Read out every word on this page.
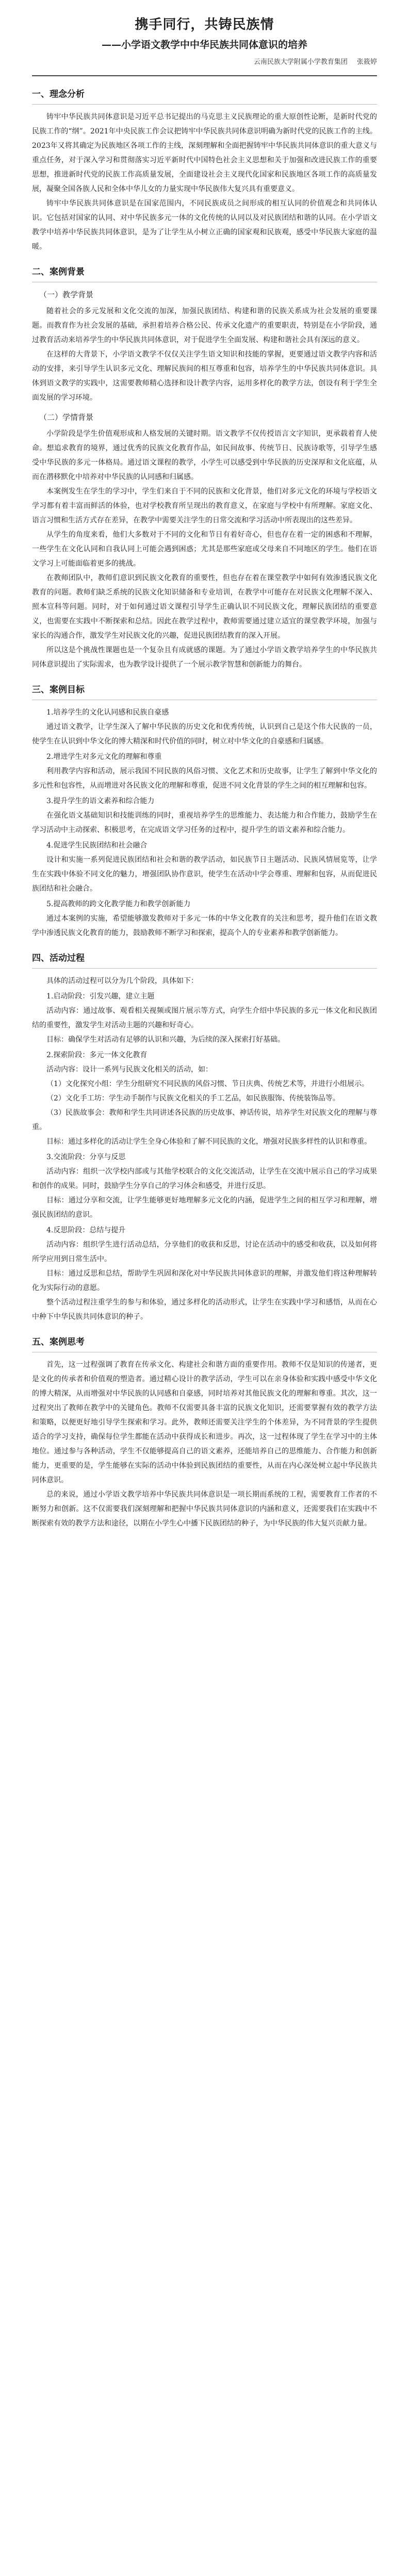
携手同行，共铸民族情
——小学语文教学中中华民族共同体意识的培养
云南民族大学附属小学教育集团 张筱婷
一、理念分析

铸牢中华民族共同体意识是习近平总书记提出的马克思主义民族理论的重大原创性论断，是新时代党的民族工作的“纲”。2021年中央民族工作会议把铸牢中华民族共同体意识明确为新时代党的民族工作的主线。2023年又将其确定为民族地区各项工作的主线，深刻理解和全面把握铸牢中华民族共同体意识的重大意义与重点任务，对于深入学习和贯彻落实习近平新时代中国特色社会主义思想和关于加强和改进民族工作的重要思想，推进新时代党的民族工作高质量发展，全面建设社会主义现代化国家和民族地区各项工作的高质量发展，凝聚全国各族人民和全体中华儿女的力量实现中华民族伟大复兴具有重要意义。

铸牢中华民族共同体意识是在国家范围内，不同民族成员之间形成的相互认同的价值观念和共同体认识。它包括对国家的认同、对中华民族多元一体的文化传统的认同以及对民族团结和谐的认同。在小学语文教学中培养中华民族共同体意识，是为了让学生从小树立正确的国家观和民族观，感受中华民族大家庭的温暖。

二、案例背景
（一）教学背景

随着社会的多元发展和文化交流的加深，加强民族团结、构建和谐的民族关系成为社会发展的重要课题。而教育作为社会发展的基础，承担着培养合格公民、传承文化遗产的重要职责，特别是在小学阶段，通过教育活动来培养学生的中华民族共同体意识，对于促进学生全面发展、构建和谐社会具有深远的意义。

在这样的大背景下，小学语文教学不仅仅关注学生语文知识和技能的掌握，更要通过语文教学内容和活动的安排，来引导学生认识多元文化、理解民族间的相互尊重和包容，培养学生的中华民族共同体意识。具体到语文教学的实践中，这需要教师精心选择和设计教学内容，运用多样化的教学方法，创设有利于学生全面发展的学习环境。

（二）学情背景

小学阶段是学生价值观形成和人格发展的关键时期。语文教学不仅传授语言文字知识，更承载着育人使命。想追求教育的境界，通过优秀的民族文化教育作品，如民间故事、传统节日、民族诗歌等，引导学生感受中华民族的多元一体格局。通过语文课程的教学，小学生可以感受到中华民族的历史深厚和文化底蕴，从而在潜移默化中培养对中华民族的认同感和归属感。

本案例发生在学生的学习中，学生们来自于不同的民族和文化背景，他们对多元文化的环境与学校语文学习都有着丰富而鲜活的体验，也对学校教育所呈现出的教育意义，在家庭与学校中有所理解。家庭文化、语言习惯和生活方式存在差异，在教学中需要关注学生的日常交流和学习活动中所表现出的这些差异。

从学生的角度来看，他们大多数对于不同的文化和节日有着好奇心，但也存在着一定的困惑和不理解，一些学生在文化认同和自我认同上可能会遇到困惑；尤其是那些家庭或父母来自不同地区的学生。他们在语文学习上可能面临着更多的挑战。

在教师团队中，教师们意识到民族文化教育的重要性，但也存在着在课堂教学中如何有效渗透民族文化教育的问题。教师们缺乏系统的民族文化知识储备和专业培训，在教学中可能存在对民族文化理解不深入、照本宣科等问题。同时，对于如何通过语文课程引导学生正确认识不同民族文化，理解民族团结的重要意义，也需要在实践中不断探索和总结。因此在教学过程中，教师需要通过建立适宜的课堂教学环境，加强与家长的沟通合作，激发学生对民族文化的兴趣，促进民族团结教育的深入开展。

所以这是个挑战性课题也是一个复杂且有成就感的课题。为了通过小学语文教学培养学生的中华民族共同体意识提出了实际需求，也为教学设计提供了一个展示教学智慧和创新能力的舞台。

三、案例目标
1.培养学生的文化认同感和民族自豪感

通过语文教学，让学生深入了解中华民族的历史文化和优秀传统，认识到自己是这个伟大民族的一员，使学生在认识到中华文化的博大精深和时代价值的同时，树立对中华文化的自豪感和归属感。

2.增进学生对多元文化的理解和尊重

利用教学内容和活动，展示我国不同民族的风俗习惯、文化艺术和历史故事，让学生了解到中华文化的多元性和包容性，从而增进对各民族文化的理解和尊重，促进不同文化背景的学生之间的相互理解和包容。

3.提升学生的语文素养和综合能力

在强化语文基础知识和技能训练的同时，重视培养学生的思维能力、表达能力和合作能力，鼓励学生在学习活动中主动探索、积极思考，在完成语文学习任务的过程中，提升学生的语文素养和综合能力。

4.促进学生民族团结和社会融合

设计和实施一系列促进民族团结和社会和谐的教学活动，如民族节日主题活动、民族风情展览等，让学生在实践中体验不同文化的魅力，增强团队协作意识，使学生在活动中学会尊重、理解和包容，从而促进民族团结和社会融合。

5.提高教师的跨文化教学能力和教学创新能力

通过本案例的实施，希望能够激发教师对于多元一体的中华文化教育的关注和思考，提升他们在语文教学中渗透民族文化教育的能力，鼓励教师不断学习和探索，提高个人的专业素养和教学创新能力。

四、活动过程

具体的活动过程可以分为几个阶段，具体如下：

1.启动阶段：引发兴趣，建立主题

活动内容：通过故事、观看相关视频或图片展示等方式，向学生介绍中华民族的多元一体文化和民族团结的重要性，激发学生对活动主题的兴趣和好奇心。

目标：确保学生对活动有足够的认识和兴趣，为后续的深入探索打好基础。

2.探索阶段：多元一体文化教育

活动内容：设计一系列与民族文化相关的活动，如：

（1）文化探究小组：学生分组研究不同民族的风俗习惯、节日庆典、传统艺术等，并进行小组展示。

（2）文化手工坊：学生动手制作与民族文化相关的手工艺品，如民族服饰、传统装饰品等。

（3）民族故事会：教师和学生共同讲述各民族的历史故事、神话传说，培养学生对民族文化的理解与尊重。

目标：通过多样化的活动让学生全身心体验和了解不同民族的文化，增强对民族多样性的认识和尊重。

3.交流阶段：分享与反思

活动内容：组织一次学校内部或与其他学校联合的文化交流活动，让学生在交流中展示自己的学习成果和创作的成果。同时，鼓励学生分享自己的学习体会和感受，并进行反思。

目标：通过分享和交流，让学生能够更好地理解多元文化的内涵，促进学生之间的相互学习和理解，增强民族团结的意识。

4.反思阶段：总结与提升

活动内容：组织学生进行活动总结，分享他们的收获和反思，讨论在活动中的感受和收获，以及如何将所学应用到日常生活中。

目标：通过反思和总结，帮助学生巩固和深化对中华民族共同体意识的理解，并激发他们将这种理解转化为实际行动的意愿。

整个活动过程注重学生的参与和体验，通过多样化的活动形式，让学生在实践中学习和感悟，从而在心中种下中华民族共同体意识的种子。

五、案例思考

首先，这一过程强调了教育在传承文化、构建社会和谐方面的重要作用。教师不仅是知识的传递者，更是文化的传承者和价值观的塑造者。通过精心设计的教学活动，学生可以在亲身体验和实践中感受中华文化的博大精深，从而增强对中华民族的认同感和自豪感，同时培养对其他民族文化的理解和尊重。其次，这一过程突出了教师在教学中的关键角色。教师不仅需要具备丰富的民族文化知识，还需要掌握有效的教学方法和策略，以便更好地引导学生探索和学习。此外，教师还需要关注学生的个体差异，为不同背景的学生提供适合的学习支持，确保每位学生都能在活动中获得成长和进步。再次，这一过程体现了学生在学习中的主体地位。通过参与各种活动，学生不仅能够提高自己的语文素养，还能培养自己的思维能力、合作能力和创新能力，更重要的是，学生能够在实际的活动中体验到民族团结的重要性，从而在内心深处树立起中华民族共同体意识。

总的来说，通过小学语文教学培养中华民族共同体意识是一项长期而系统的工程，需要教育工作者的不断努力和创新。这不仅需要我们深刻理解和把握中华民族共同体意识的内涵和意义，还需要我们在实践中不断探索有效的教学方法和途径，以期在小学生心中播下民族团结的种子，为中华民族的伟大复兴贡献力量。
